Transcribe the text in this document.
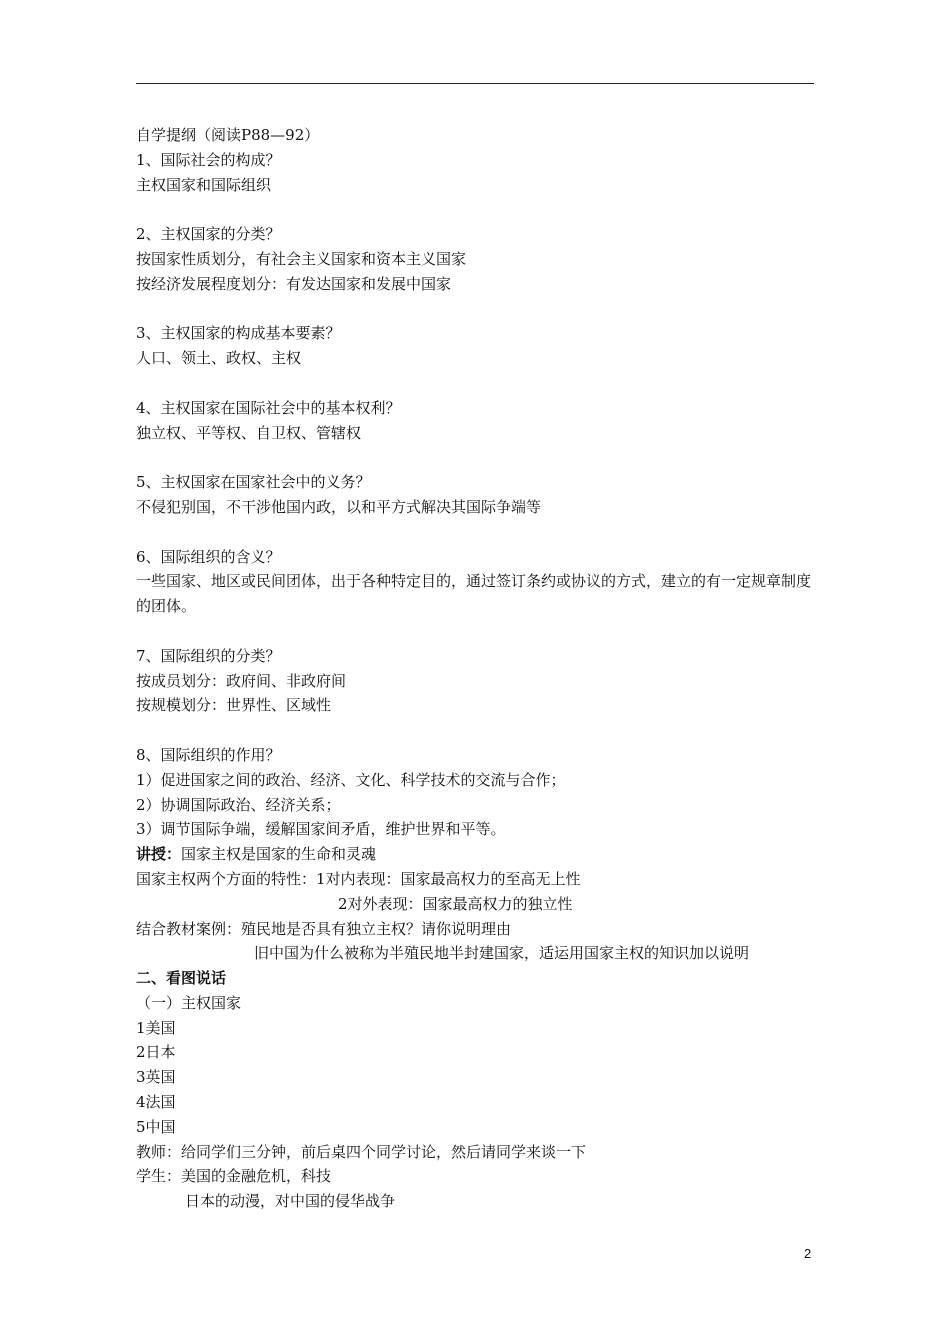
自学提纲（阅读P88—92）
1、国际社会的构成？
主权国家和国际组织
2、主权国家的分类？
按国家性质划分，有社会主义国家和资本主义国家
按经济发展程度划分：有发达国家和发展中国家
3、主权国家的构成基本要素？
人口、领土、政权、主权
4、主权国家在国际社会中的基本权利？
独立权、平等权、自卫权、管辖权
5、主权国家在国家社会中的义务？
不侵犯别国，不干涉他国内政，以和平方式解决其国际争端等
6、国际组织的含义？
一些国家、地区或民间团体，出于各种特定目的，通过签订条约或协议的方式，建立的有一定规章制度的团体。
7、国际组织的分类？
按成员划分：政府间、非政府间
按规模划分：世界性、区域性
8、国际组织的作用？
1）促进国家之间的政治、经济、文化、科学技术的交流与合作；
2）协调国际政治、经济关系；
3）调节国际争端，缓解国家间矛盾，维护世界和平等。
讲授：国家主权是国家的生命和灵魂
国家主权两个方面的特性：1对内表现：国家最高权力的至高无上性
2对外表现：国家最高权力的独立性
结合教材案例：殖民地是否具有独立主权？请你说明理由
旧中国为什么被称为半殖民地半封建国家，适运用国家主权的知识加以说明
二、看图说话
（一）主权国家
1美国
2日本
3英国
4法国
5中国
教师：给同学们三分钟，前后桌四个同学讨论，然后请同学来谈一下
学生：美国的金融危机，科技
日本的动漫，对中国的侵华战争
2
